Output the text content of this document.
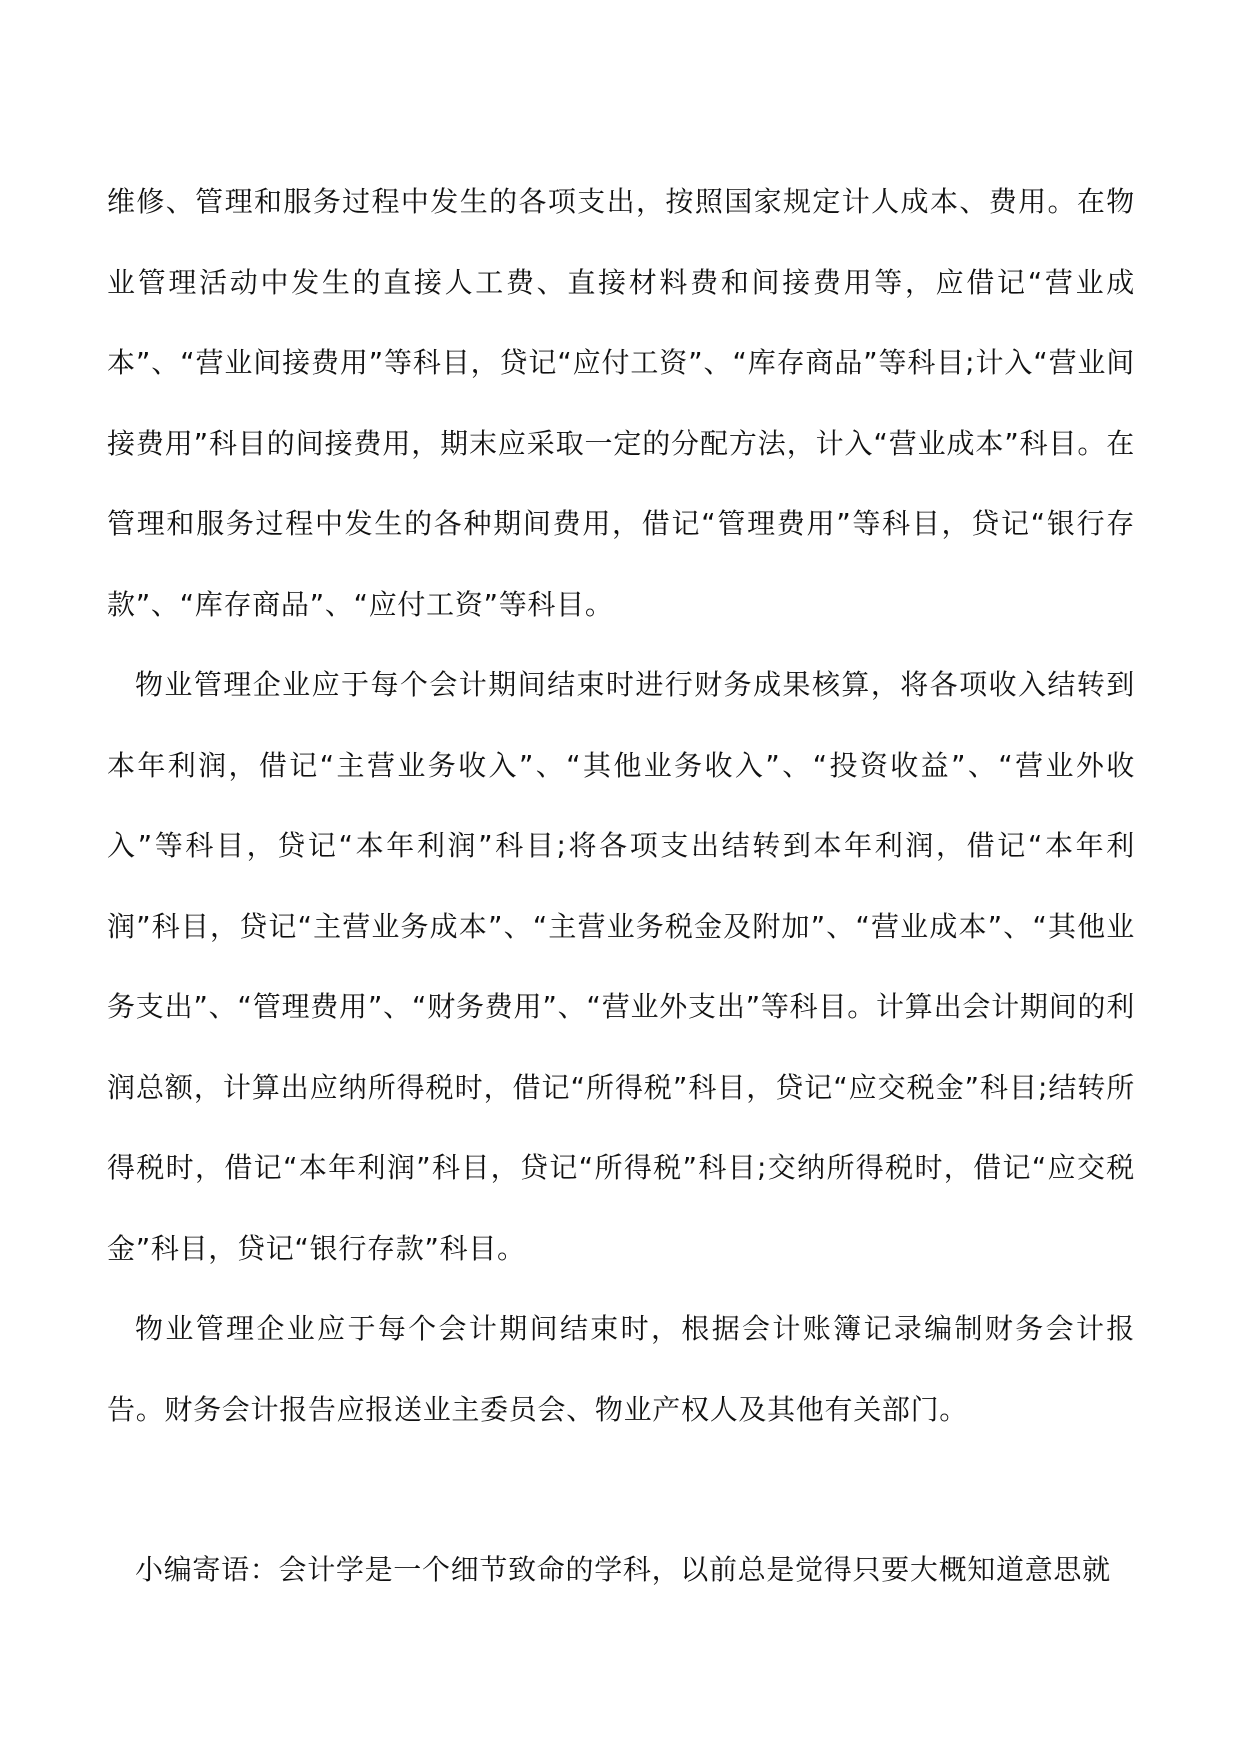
维修、管理和服务过程中发生的各项支出，按照国家规定计人成本、费用。在物业管理活动中发生的直接人工费、直接材料费和间接费用等，应借记“营业成本”、“营业间接费用”等科目，贷记“应付工资”、“库存商品”等科目;计入“营业间接费用”科目的间接费用，期末应采取一定的分配方法，计入“营业成本”科目。在管理和服务过程中发生的各种期间费用，借记“管理费用”等科目，贷记“银行存款”、“库存商品”、“应付工资”等科目。

物业管理企业应于每个会计期间结束时进行财务成果核算，将各项收入结转到本年利润，借记“主营业务收入”、“其他业务收入”、“投资收益”、“营业外收入”等科目，贷记“本年利润”科目;将各项支出结转到本年利润，借记“本年利润”科目，贷记“主营业务成本”、“主营业务税金及附加”、“营业成本”、“其他业务支出”、“管理费用”、“财务费用”、“营业外支出”等科目。计算出会计期间的利润总额，计算出应纳所得税时，借记“所得税”科目，贷记“应交税金”科目;结转所得税时，借记“本年利润”科目，贷记“所得税”科目;交纳所得税时，借记“应交税金”科目，贷记“银行存款”科目。

物业管理企业应于每个会计期间结束时，根据会计账簿记录编制财务会计报告。财务会计报告应报送业主委员会、物业产权人及其他有关部门。

小编寄语：会计学是一个细节致命的学科，以前总是觉得只要大概知道意思就
